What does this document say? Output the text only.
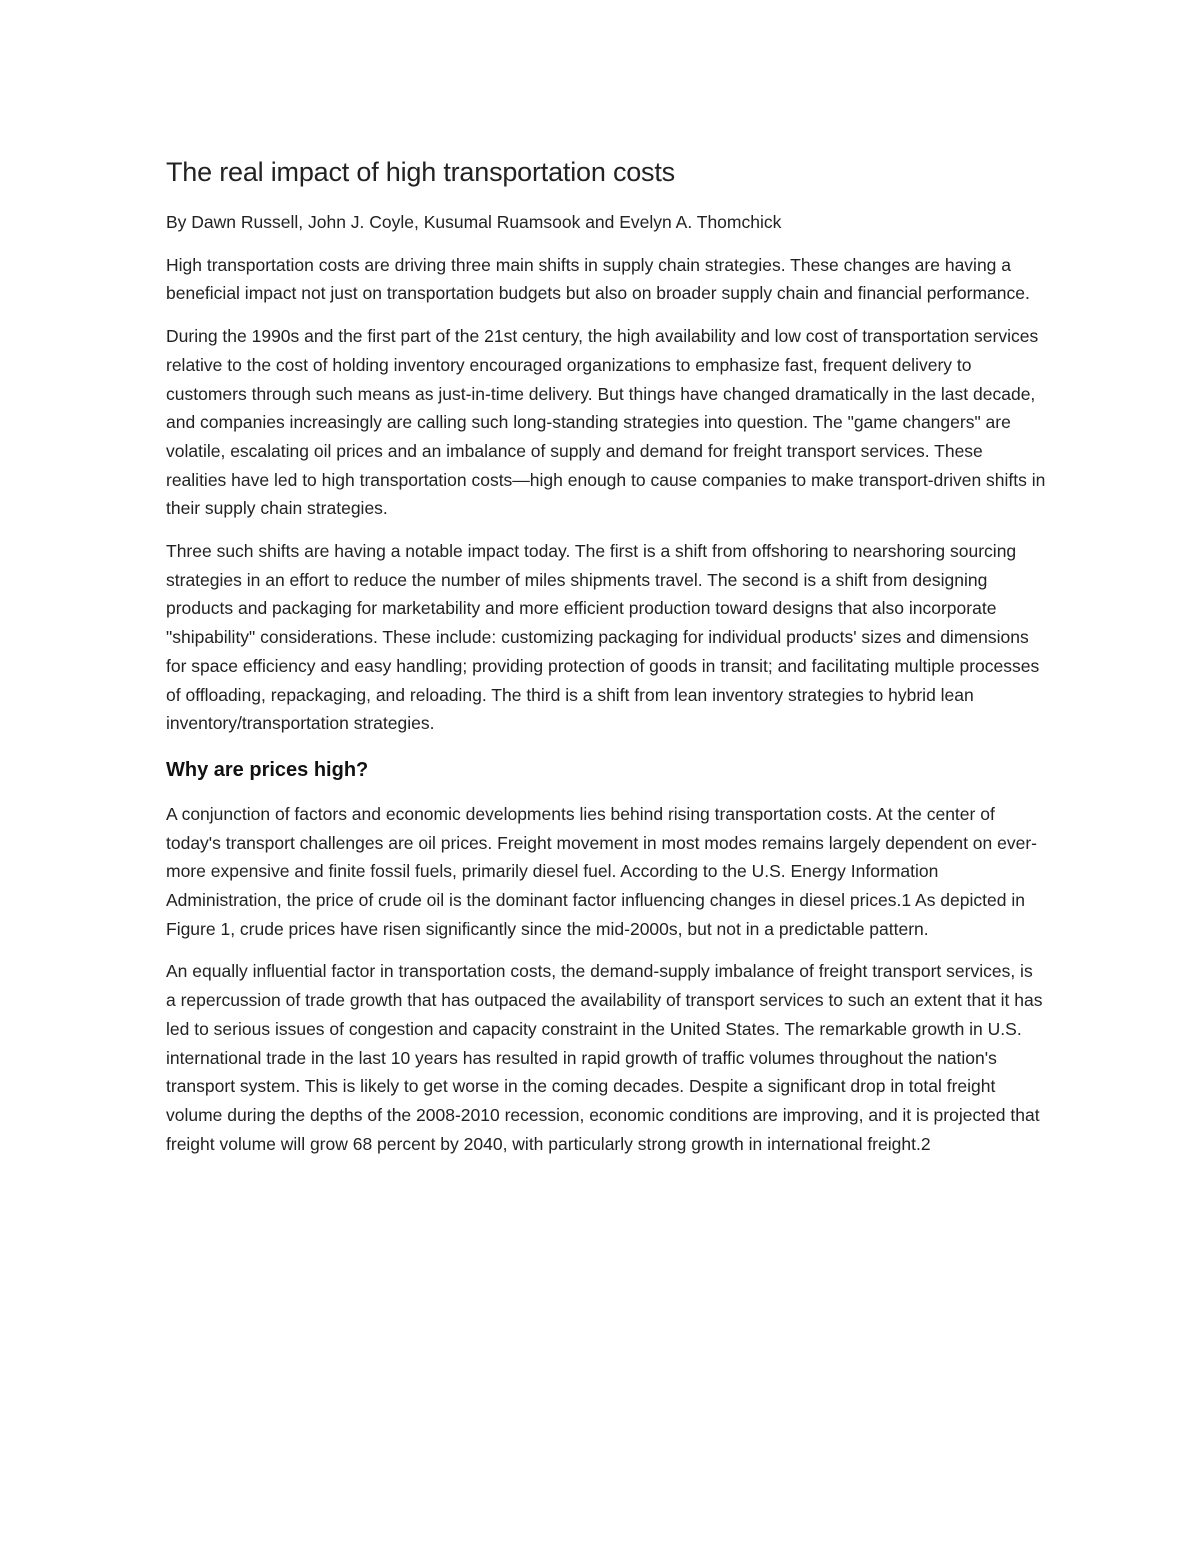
The real impact of high transportation costs

By Dawn Russell, John J. Coyle, Kusumal Ruamsook and Evelyn A. Thomchick

High transportation costs are driving three main shifts in supply chain strategies. These changes are having a beneficial impact not just on transportation budgets but also on broader supply chain and financial performance.

During the 1990s and the first part of the 21st century, the high availability and low cost of transportation services relative to the cost of holding inventory encouraged organizations to emphasize fast, frequent delivery to customers through such means as just-in-time delivery. But things have changed dramatically in the last decade, and companies increasingly are calling such long-standing strategies into question. The "game changers" are volatile, escalating oil prices and an imbalance of supply and demand for freight transport services. These realities have led to high transportation costs—high enough to cause companies to make transport-driven shifts in their supply chain strategies.

Three such shifts are having a notable impact today. The first is a shift from offshoring to nearshoring sourcing strategies in an effort to reduce the number of miles shipments travel. The second is a shift from designing products and packaging for marketability and more efficient production toward designs that also incorporate "shipability" considerations. These include: customizing packaging for individual products' sizes and dimensions for space efficiency and easy handling; providing protection of goods in transit; and facilitating multiple processes of offloading, repackaging, and reloading. The third is a shift from lean inventory strategies to hybrid lean inventory/transportation strategies.

Why are prices high?

A conjunction of factors and economic developments lies behind rising transportation costs. At the center of today's transport challenges are oil prices. Freight movement in most modes remains largely dependent on ever-more expensive and finite fossil fuels, primarily diesel fuel. According to the U.S. Energy Information Administration, the price of crude oil is the dominant factor influencing changes in diesel prices.1 As depicted in Figure 1, crude prices have risen significantly since the mid-2000s, but not in a predictable pattern.

An equally influential factor in transportation costs, the demand-supply imbalance of freight transport services, is a repercussion of trade growth that has outpaced the availability of transport services to such an extent that it has led to serious issues of congestion and capacity constraint in the United States. The remarkable growth in U.S. international trade in the last 10 years has resulted in rapid growth of traffic volumes throughout the nation's transport system. This is likely to get worse in the coming decades. Despite a significant drop in total freight volume during the depths of the 2008-2010 recession, economic conditions are improving, and it is projected that freight volume will grow 68 percent by 2040, with particularly strong growth in international freight.2
